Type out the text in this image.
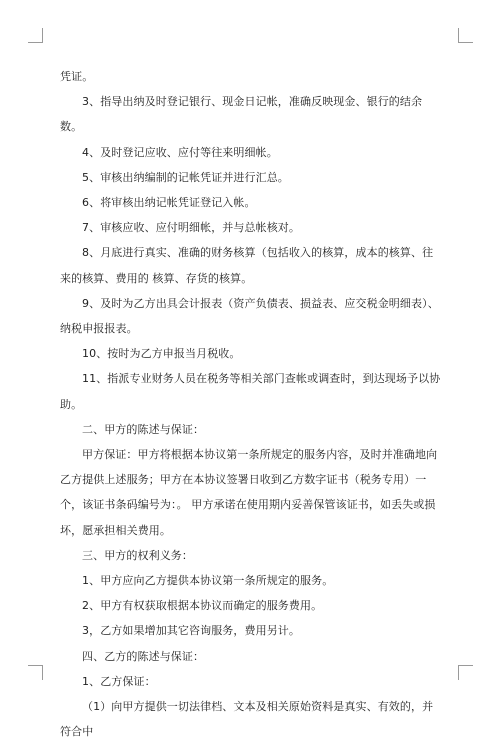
凭证。

3、指导出纳及时登记银行、现金日记帐，准确反映现金、银行的结余数。

4、及时登记应收、应付等往来明细帐。

5、审核出纳编制的记帐凭证并进行汇总。

6、将审核出纳记帐凭证登记入帐。

7、审核应收、应付明细帐，并与总帐核对。

8、月底进行真实、准确的财务核算（包括收入的核算，成本的核算、往来的核算、费用的 核算、存货的核算。

9、及时为乙方出具会计报表（资产负债表、损益表、应交税金明细表）、纳税申报报表。

10、按时为乙方申报当月税收。

11、指派专业财务人员在税务等相关部门查帐或调查时，到达现场予以协助。

二、甲方的陈述与保证：

甲方保证：甲方将根据本协议第一条所规定的服务内容，及时并准确地向乙方提供上述服务；甲方在本协议签署日收到乙方数字证书（税务专用）一个，该证书条码编号为：。 甲方承诺在使用期内妥善保管该证书，如丢失或损坏，愿承担相关费用。

三、甲方的权利义务：

1、甲方应向乙方提供本协议第一条所规定的服务。

2、甲方有权获取根据本协议而确定的服务费用。

3，乙方如果增加其它咨询服务，费用另计。

四、乙方的陈述与保证：

1、乙方保证：

（1）向甲方提供一切法律档、文本及相关原始资料是真实、有效的，并符合中
